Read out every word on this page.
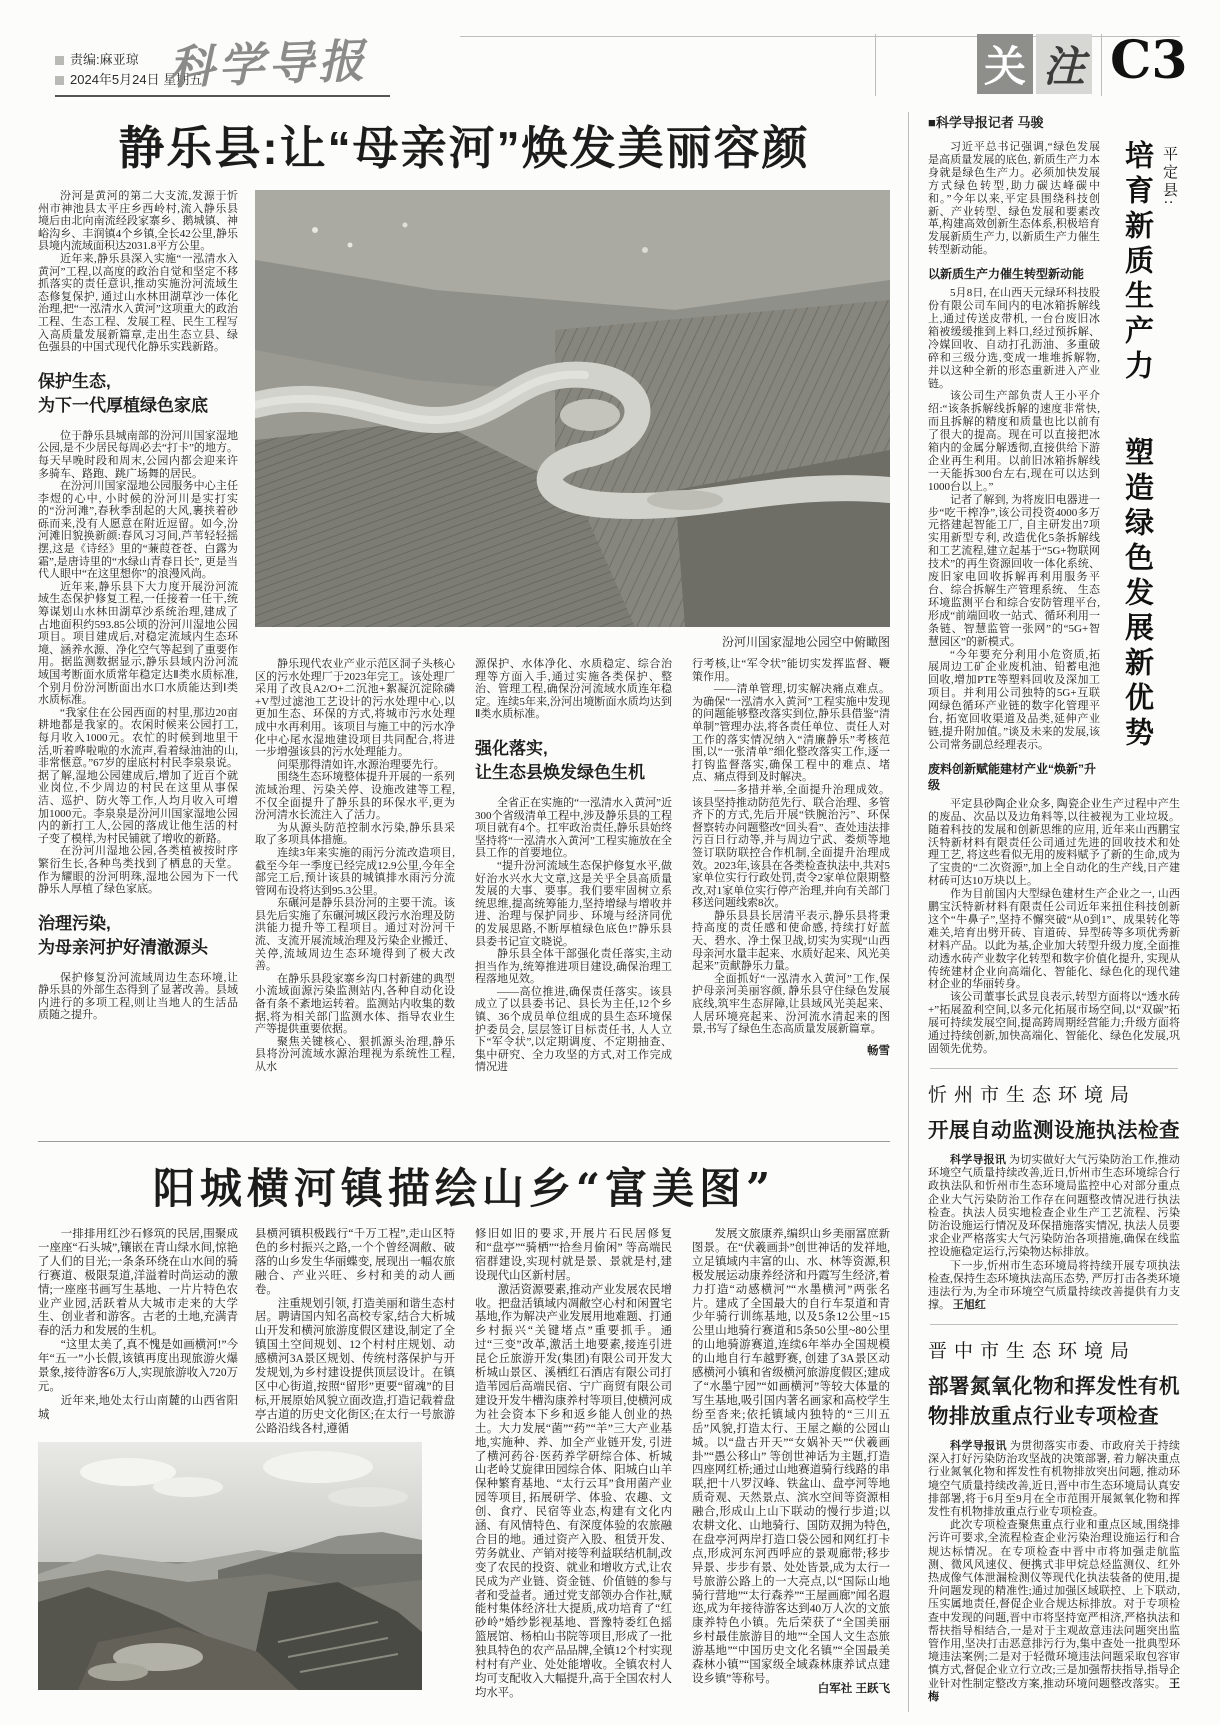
责编:麻亚琼
2024年5月24日 星期五
科学导报	关 注 C3
静乐县:让“母亲河”焕发美丽容颜
汾河川国家湿地公园空中俯瞰图

汾河是黄河的第二大支流,发源于忻州市神池县太平庄乡西岭村,流入静乐县境后由北向南流经段家寨乡、鹅城镇、神峪沟乡、丰润镇4个乡镇,全长42公里,静乐县境内流域面积达2031.8平方公里。

近年来,静乐县深入实施“一泓清水入黄河”工程,以高度的政治自觉和坚定不移抓落实的责任意识,推动实施汾河流域生态修复保护, 通过山水林田湖草沙一体化治理,把“一泓清水入黄河”这项重大的政治工程、生态工程、发展工程、民生工程写入高质量发展新篇章,走出生态立县、绿色强县的中国式现代化静乐实践新路。

保护生态,
为下一代厚植绿色家底

位于静乐县城南部的汾河川国家湿地公园,是不少居民每周必去“打卡”的地方。每天早晚时段和周末,公园内都会迎来许多骑车、路跑、跳广场舞的居民。

在汾河川国家湿地公园服务中心主任李煜的心中, 小时候的汾河川是实打实的“汾河滩”,春秋季刮起的大风,裹挟着砂砾而来,没有人愿意在附近逗留。如今,汾河滩旧貌换新颜:春风习习间,芦苇轻轻摇摆,这是《诗经》里的“蒹葭苍苍、白露为霜”,是唐诗里的“水绿山青春日长”, 更是当代人眼中“在这里想你”的浪漫风尚。

近年来,静乐县下大力度开展汾河流域生态保护修复工程,一任接着一任干,统筹谋划山水林田湖草沙系统治理,建成了占地面积约593.85公顷的汾河川湿地公园项目。项目建成后,对稳定流域内生态环境、涵养水源、净化空气等起到了重要作用。据监测数据显示,静乐县域内汾河流域国考断面水质常年稳定达Ⅱ类水质标准,个别月份汾河断面出水口水质能达到Ⅰ类水质标准。

“我家住在公园西面的村里,那边20亩耕地都是我家的。农闲时候来公园打工,每月收入1000元。农忙的时候到地里干活,听着哗啦啦的水流声,看着绿油油的山,非常惬意。”67岁的崖底村村民李泉泉说。据了解,湿地公园建成后,增加了近百个就业岗位,不少周边的村民在这里从事保洁、巡护、防火等工作,人均月收入可增加1000元。李泉泉是汾河川国家湿地公园内的新打工人,公园的落成让他生活的村子变了模样,为村民铺就了增收的新路。

在汾河川湿地公园,各类植被按时序繁衍生长,各种鸟类找到了栖息的天堂。作为耀眼的汾河明珠,湿地公园为下一代静乐人厚植了绿色家底。

治理污染,
为母亲河护好清澈源头

保护修复汾河流域周边生态环境,让静乐县的外部生态得到了显著改善。县域内进行的多项工程,则让当地人的生活品质随之提升。

静乐现代农业产业示范区洞子头核心区的污水处理厂于2023年完工。该处理厂采用了改良A2/O+二沉池+絮凝沉淀除磷+V型过滤池工艺设计的污水处理中心,以更加生态、环保的方式,将城市污水处理成中水再利用。该项目与施工中的污水净化中心尾水湿地建设项目共同配合,将进一步增强该县的污水处理能力。

问渠那得清如许,水源治理要先行。

围绕生态环境整体提升开展的一系列流域治理、污染关停、设施改建等工程,不仅全面提升了静乐县的环保水平,更为汾河清水长流注入了活力。

为从源头防范控制水污染,静乐县采取了多项具体措施。

连续3年来实施的雨污分流改造项目,截至今年一季度已经完成12.9公里,今年全部完工后,预计该县的城镇排水雨污分流管网布设将达到95.3公里。

东碾河是静乐县汾河的主要干流。该县先后实施了东碾河城区段污水治理及防洪能力提升等工程项目。通过对汾河干流、支流开展流域治理及污染企业搬迁、关停,流域周边生态环境得到了极大改善。

在静乐县段家寨乡沟口村新建的典型小流域面源污染监测站内,各种自动化设备有条不紊地运转着。监测站内收集的数据,将为相关部门监测水体、指导农业生产等提供重要依据。

聚焦关键核心、狠抓源头治理,静乐县将汾河流域水源治理视为系统性工程,从水

源保护、水体净化、水质稳定、综合治理等方面入手,通过实施各类保护、整治、管理工程,确保汾河流域水质连年稳定。连续5年来,汾河出境断面水质均达到Ⅱ类水质标准。

强化落实,
让生态县焕发绿色生机

全省正在实施的“一泓清水入黄河”近300个省级清单工程中,涉及静乐县的工程项目就有4个。扛牢政治责任,静乐县始终坚持将“一泓清水入黄河”工程实施放在全县工作的首要地位。

“提升汾河流域生态保护修复水平,做好治水兴水大文章,这是关乎全县高质量发展的大事、要事。我们要牢固树立系统思维,提高统筹能力,坚持增绿与增收并进、治理与保护同步、环境与经济同优的发展思路,不断厚植绿色底色!”静乐县县委书记宣文晓说。

静乐县全体干部强化责任落实,主动担当作为,统筹推进项目建设,确保治理工程落地见效。

——高位推进,确保责任落实。该县成立了以县委书记、县长为主任,12个乡镇、36个成员单位组成的县生态环境保护委员会, 层层签订目标责任书, 人人立下“军令状”,以定期调度、不定期抽查、集中研究、全力攻坚的方式,对工作完成情况进

行考核,让“军令状”能切实发挥监督、鞭策作用。

——清单管理,切实解决痛点难点。为确保“一泓清水入黄河”工程实施中发现的问题能够整改落实到位,静乐县借鉴“清单制”管理办法,将各责任单位、责任人对工作的落实情况纳入“清廉静乐”考核范围,以“一张清单”细化整改落实工作,逐一打钩监督落实,确保工程中的难点、堵点、痛点得到及时解决。

——多措并举,全面提升治理成效。该县坚持推动防范先行、联合治理、多管齐下的方式,先后开展“铁腕治污”、环保督察转办问题整改“回头看”、查处违法排污百日行动等,并与周边宁武、娄烦等地签订联防联控合作机制,全面提升治理成效。2023年,该县在各类检查执法中,共对5家单位实行行政处罚,责令2家单位限期整改,对1家单位实行停产治理,并向有关部门移送问题线索8次。

静乐县县长居清平表示,静乐县将秉持高度的责任感和使命感, 持续打好蓝天、碧水、净土保卫战,切实为实现“山西母亲河水量丰起来、水质好起来、风光美起来”贡献静乐力量。

全面抓好“一泓清水入黄河”工作,保护母亲河美丽容颜, 静乐县守住绿色发展底线,筑牢生态屏障,让县域风光美起来、人居环境亮起来、汾河流水清起来的图景,书写了绿色生态高质量发展新篇章。

畅雪

■科学导报记者 马骏
平定县:
培育新质生产力 塑造绿色发展新优势

习近平总书记强调,“绿色发展是高质量发展的底色, 新质生产力本身就是绿色生产力。必须加快发展方式绿色转型,助力碳达峰碳中和。”今年以来,平定县围绕科技创新、产业转型、绿色发展和要素改革,构建高效创新生态体系,积极培育发展新质生产力, 以新质生产力催生转型新动能。

以新质生产力催生转型新动能

5月8日, 在山西天元绿环科技股份有限公司车间内的电冰箱拆解线上,通过传送皮带机, 一台台废旧冰箱被缓缓推到上料口,经过预拆解、冷媒回收、自动打孔沥油、多重破碎和三级分选,变成一堆堆拆解物, 并以这种全新的形态重新进入产业链。

该公司生产部负责人王小平介绍:“该条拆解线拆解的速度非常快,而且拆解的精度和质量也比以前有了很大的提高。现在可以直接把冰箱内的金属分解透彻,直接供给下游企业再生利用。以前旧冰箱拆解线一天能拆300台左右,现在可以达到1000台以上。”

记者了解到, 为将废旧电器进一步“吃干榨净”,该公司投资4000多万元搭建起智能工厂, 自主研发出7项实用新型专利, 改造优化5条拆解线和工艺流程,建立起基于“5G+物联网技术”的再生资源回收一体化系统、废旧家电回收拆解再利用服务平台、综合拆解生产管理系统、 生态环境监测平台和综合安防管理平台,形成“前端回收一站式、循环利用一条链、智慧监管一张网”的“5G+智慧园区”的新模式。

“今年要充分利用小危资质,拓展周边工矿企业废机油、铅蓄电池回收,增加PTE等塑料回收及深加工项目。并利用公司独特的5G+互联网绿色循环产业链的数字化管理平台, 拓宽回收渠道及品类,延伸产业链,提升附加值。”谈及未来的发展,该公司常务副总经理表示。

废料创新赋能建材产业“焕新”升级

平定县砂陶企业众多, 陶瓷企业生产过程中产生的废品、次品以及边角料等,以往被视为工业垃圾。随着科技的发展和创新思维的应用, 近年来山西鹏宝沃特新材料有限责任公司通过先进的回收技术和处理工艺, 将这些看似无用的废料赋予了新的生命,成为了宝贵的“二次资源”,加上全自动化的生产线,日产建材砖可达10万块以上。

作为目前国内大型绿色建材生产企业之一, 山西鹏宝沃特新材料有限责任公司近年来扭住科技创新这个“牛鼻子”,坚持不懈突破“从0到1”、成果转化等难关,培育出劈开砖、盲道砖、异型砖等多项优秀新材料产品。以此为基,企业加大转型升级力度,全面推动透水砖产业数字化转型和数字价值化提升, 实现从传统建材企业向高端化、智能化、绿色化的现代建材企业的华丽转身。

该公司董事长武昱良表示,转型方面将以“透水砖+”拓展盈利空间,以多元化拓展市场空间,以“双碳”拓展可持续发展空间,提高跨周期经营能力;升级方面将通过持续创新,加快高端化、智能化、绿色化发展,巩固领先优势。

忻州市生态环境局
开展自动监测设施执法检查

科学导报讯 为切实做好大气污染防治工作,推动环境空气质量持续改善,近日,忻州市生态环境综合行政执法队和忻州市生态环境局监控中心对部分重点企业大气污染防治工作存在问题整改情况进行执法检查。执法人员实地检查企业生产工艺流程、污染防治设施运行情况及环保措施落实情况, 执法人员要求企业严格落实大气污染防治各项措施,确保在线监控设施稳定运行,污染物达标排放。

下一步,忻州市生态环境局将持续开展专项执法检查,保持生态环境执法高压态势, 严厉打击各类环境违法行为,为全市环境空气质量持续改善提供有力支撑。 王旭红

晋中市生态环境局
部署氮氧化物和挥发性有机物排放重点行业专项检查

科学导报讯 为贯彻落实市委、市政府关于持续深入打好污染防治攻坚战的决策部署, 着力解决重点行业氮氧化物和挥发性有机物排放突出问题, 推动环境空气质量持续改善,近日,晋中市生态环境局认真安排部署,将于6月至9月在全市范围开展氮氧化物和挥发性有机物排放重点行业专项检查。

此次专项检查聚焦重点行业和重点区域,围绕排污许可要求,全流程检查企业污染治理设施运行和合规达标情况。在专项检查中晋中市将加强走航监测、微风风速仪、便携式非甲烷总烃监测仪、红外热成像气体泄漏检测仪等现代化执法装备的使用,提升问题发现的精准性;通过加强区域联控、上下联动,压实属地责任,督促企业合规达标排放。对于专项检查中发现的问题,晋中市将坚持宽严相济,严格执法和帮扶指导相结合,一是对于主观故意违法问题突出监管作用,坚决打击恶意排污行为,集中查处一批典型环境违法案例;二是对于轻微环境违法问题采取包容审慎方式,督促企业立行立改;三是加强帮扶指导,指导企业针对性制定整改方案,推动环境问题整改落实。 王梅

阳城横河镇描绘山乡“富美图”

一排排用红沙石修筑的民居,围聚成一座座“石头城”,镶嵌在青山绿水间,惊艳了人们的目光;一条条环绕在山水间的骑行赛道、极限泵道,洋溢着时尚运动的激情;一座座书画写生基地、一片片特色农业产业园,活跃着从大城市走来的大学生、创业者和游客。古老的土地,充满青春的活力和发展的生机。

“这里太美了,真不愧是如画横河!”今年“五一”小长假,该镇再度出现旅游火爆景象,接待游客6万人,实现旅游收入720万元。

近年来,地处太行山南麓的山西省阳城

县横河镇积极践行“千万工程”,走山区特色的乡村振兴之路,一个个曾经凋敝、破落的山乡发生华丽蝶变, 展现出一幅农旅融合、产业兴旺、乡村和美的动人画卷。

注重规划引领, 打造美丽和谐生态村居。聘请国内知名高校专家,结合大析城山开发和横河旅游度假区建设,制定了全镇国土空间规划、12个村村庄规划、动感横河3A景区规划、传统村落保护与开发规划,为乡村建设提供顶层设计。在镇区中心街道,按照“留形”更要“留魂”的目标,开展原始风貌立面改造,打造记载着盘亭古道的历史文化街区;在太行一号旅游公路沿线各村,遵循

修旧如旧的要求,开展片石民居修复和“盘亭”“骑栖”“拾叁月偷闲” 等高端民宿群建设,实现村就是景、景就是村,建设现代山区新村居。

激活资源要素,推动产业发展农民增收。把盘活镇域内凋敝空心村和闲置宅基地,作为解决产业发展用地难题、打通乡村振兴“关键堵点”重要抓手。通过“三变”改革,激活土地要素,接连引进昆仑丘旅游开发(集团)有限公司开发大析城山景区、溪栖红石酒店有限公司打造苇园后高端民宿、宁广商贸有限公司建设开发牛槽沟康养村等项目,使横河成为社会资本下乡和返乡能人创业的热土。大力发展“菌”“药”“羊”三大产业基地,实施种、养、加全产业链开发, 引进了横河药谷·医药养学研综合体、析城山老岭艾旋律田园综合体、阳城白山羊保种繁育基地、“太行云耳”食用菌产业园等项目, 拓展研学、体验、农趣、文创、食疗、民宿等业态,构建有文化内涵、有风情特色、有深度体验的农旅融合目的地。通过资产入股、租赁开发、劳务就业、产销对接等利益联结机制,改变了农民的投资、就业和增收方式,让农民成为产业链、资金链、价值链的参与者和受益者。通过党支部领办合作社,赋能村集体经济壮大提质,成功培育了“红砂岭”婚纱影视基地、晋豫特委红色摇篮展馆、杨柏山书院等项目,形成了一批独具特色的农产品品牌,全镇12个村实现村村有产业、处处能增收。全镇农村人均可支配收入大幅提升,高于全国农村人均水平。

发展文旅康养,编织山乡美丽富庶新图景。在“伏羲画卦”创世神话的发祥地,立足镇域内丰富的山、水、林等资源,积极发展运动康养经济和丹霞写生经济,着力打造“动感横河”“水墨横河”两张名片。建成了全国最大的自行车泵道和青少年骑行训练基地, 以及5条12公里~15公里山地骑行赛道和5条50公里~80公里的山地骑游赛道,连续6年举办全国规模的山地自行车越野赛, 创建了3A景区动感横河小镇和省级横河旅游度假区;建成了“水墨宁园”“如画横河”等较大体量的写生基地,吸引国内著名画家和高校学生纷至沓来;依托镇域内独特的“三川五岳”风貌,打造太行、王屋之巅的公园山城。以“盘古开天”“女娲补天”“伏羲画卦”“愚公移山” 等创世神话为主题,打造四座网红桥;通过山地赛道骑行线路的串联,把十八罗汉峰、铁盆山、盘亭河等地质奇观、天然景点、滨水空间等资源相融合,形成山上山下联动的慢行步道;以农耕文化、山地骑行、国防双拥为特色,在盘亭河两岸打造口袋公园和网红打卡点,形成河东河西呼应的景观廊带;移步异景、步步有景、处处皆景,成为太行一号旅游公路上的一大亮点,以“国际山地骑行营地”“太行森养”“王屋画廊”闻名遐迩,成为年接待游客达到40万人次的文旅康养特色小镇。先后荣获了“全国美丽乡村最佳旅游目的地”“全国人文生态旅游基地”“中国历史文化名镇”“全国最美森林小镇”“国家级全域森林康养试点建设乡镇”等称号。

白军社 王跃飞
